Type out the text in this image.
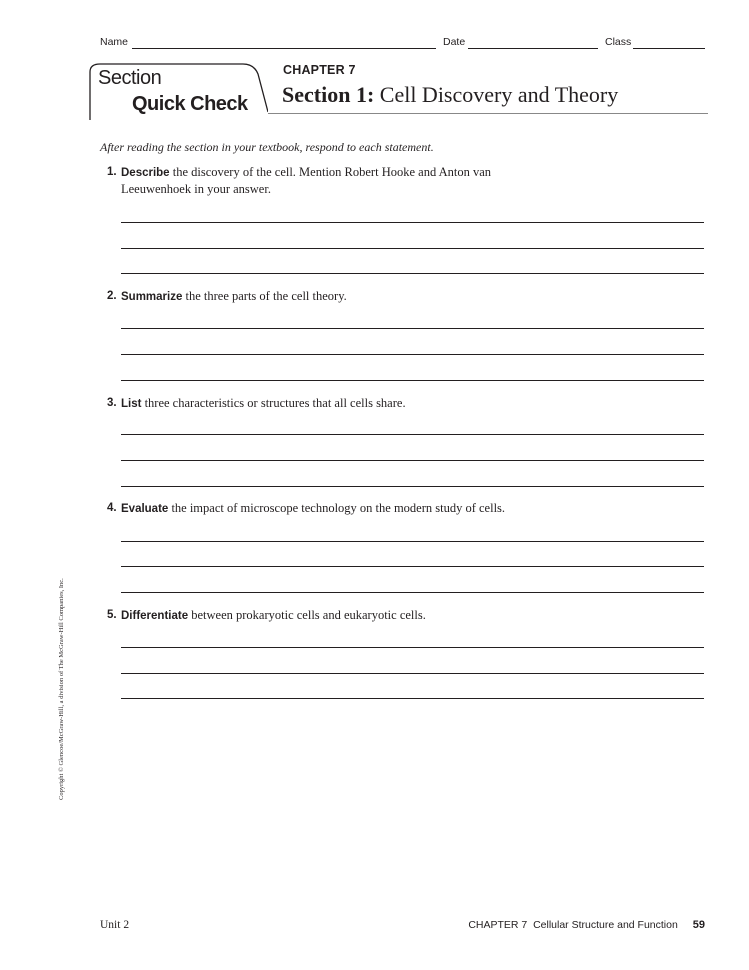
Name	Date	Class
Section
Quick Check
CHAPTER 7
Section 1: Cell Discovery and Theory
After reading the section in your textbook, respond to each statement.
1. Describe the discovery of the cell. Mention Robert Hooke and Anton van Leeuwenhoek in your answer.
2. Summarize the three parts of the cell theory.
3. List three characteristics or structures that all cells share.
4. Evaluate the impact of microscope technology on the modern study of cells.
5. Differentiate between prokaryotic cells and eukaryotic cells.
Copyright © Glencoe/McGraw-Hill, a division of The McGraw-Hill Companies, Inc.
Unit 2	CHAPTER 7  Cellular Structure and Function 59
